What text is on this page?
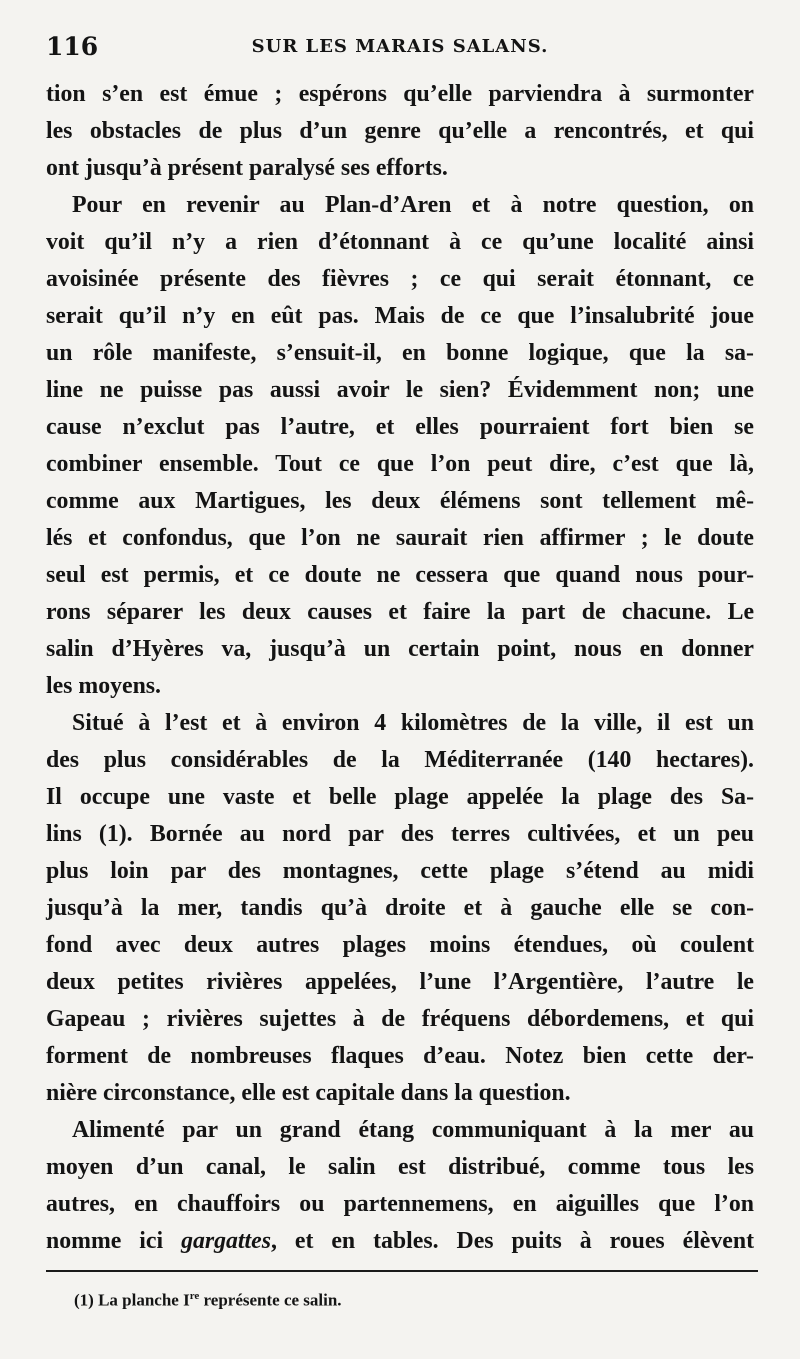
116	SUR LES MARAIS SALANS.
tion s’en est émue ; espérons qu’elle parviendra à surmonter
les obstacles de plus d’un genre qu’elle a rencontrés, et qui
ont jusqu’à présent paralysé ses efforts.
Pour en revenir au Plan-d’Aren et à notre question, on
voit qu’il n’y a rien d’étonnant à ce qu’une localité ainsi
avoisinée présente des fièvres ; ce qui serait étonnant, ce
serait qu’il n’y en eût pas. Mais de ce que l’insalubrité joue
un rôle manifeste, s’ensuit-il, en bonne logique, que la sa-
line ne puisse pas aussi avoir le sien? Évidemment non; une
cause n’exclut pas l’autre, et elles pourraient fort bien se
combiner ensemble. Tout ce que l’on peut dire, c’est que là,
comme aux Martigues, les deux élémens sont tellement mê-
lés et confondus, que l’on ne saurait rien affirmer ; le doute
seul est permis, et ce doute ne cessera que quand nous pour-
rons séparer les deux causes et faire la part de chacune. Le
salin d’Hyères va, jusqu’à un certain point, nous en donner
les moyens.
Situé à l’est et à environ 4 kilomètres de la ville, il est un
des plus considérables de la Méditerranée (140 hectares).
Il occupe une vaste et belle plage appelée la plage des Sa-
lins (1). Bornée au nord par des terres cultivées, et un peu
plus loin par des montagnes, cette plage s’étend au midi
jusqu’à la mer, tandis qu’à droite et à gauche elle se con-
fond avec deux autres plages moins étendues, où coulent
deux petites rivières appelées, l’une l’Argentière, l’autre le
Gapeau ; rivières sujettes à de fréquens débordemens, et qui
forment de nombreuses flaques d’eau. Notez bien cette der-
nière circonstance, elle est capitale dans la question.
Alimenté par un grand étang communiquant à la mer au
moyen d’un canal, le salin est distribué, comme tous les
autres, en chauffoirs ou partennemens, en aiguilles que l’on
nomme ici gargattes, et en tables. Des puits à roues élèvent
(1) La planche Ire représente ce salin.
